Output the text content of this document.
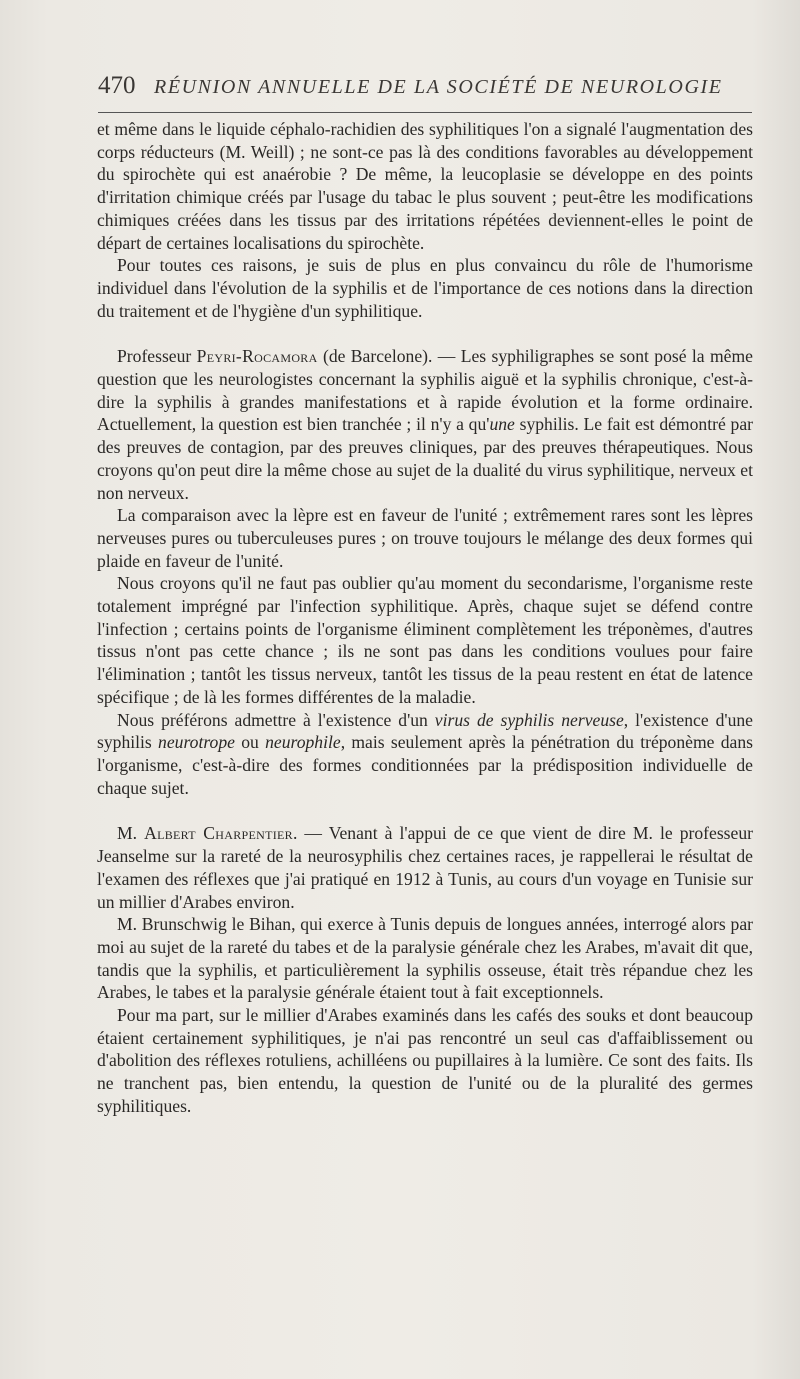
470 RÉUNION ANNUELLE DE LA SOCIÉTÉ DE NEUROLOGIE

et même dans le liquide céphalo-rachidien des syphilitiques l'on a signalé l'augmentation des corps réducteurs (M. Weill) ; ne sont-ce pas là des conditions favorables au développement du spirochète qui est anaérobie ? De même, la leucoplasie se développe en des points d'irritation chimique créés par l'usage du tabac le plus souvent ; peut-être les modifications chimiques créées dans les tissus par des irritations répétées deviennent-elles le point de départ de certaines localisations du spirochète.

Pour toutes ces raisons, je suis de plus en plus convaincu du rôle de l'humorisme individuel dans l'évolution de la syphilis et de l'importance de ces notions dans la direction du traitement et de l'hygiène d'un syphilitique.

Professeur Peyri-Rocamora (de Barcelone). — Les syphiligraphes se sont posé la même question que les neurologistes concernant la syphilis aiguë et la syphilis chronique, c'est-à-dire la syphilis à grandes manifestations et à rapide évolution et la forme ordinaire. Actuellement, la question est bien tranchée ; il n'y a qu'une syphilis. Le fait est démontré par des preuves de contagion, par des preuves cliniques, par des preuves thérapeutiques. Nous croyons qu'on peut dire la même chose au sujet de la dualité du virus syphilitique, nerveux et non nerveux.

La comparaison avec la lèpre est en faveur de l'unité ; extrêmement rares sont les lèpres nerveuses pures ou tuberculeuses pures ; on trouve toujours le mélange des deux formes qui plaide en faveur de l'unité.

Nous croyons qu'il ne faut pas oublier qu'au moment du secondarisme, l'organisme reste totalement imprégné par l'infection syphilitique. Après, chaque sujet se défend contre l'infection ; certains points de l'organisme éliminent complètement les tréponèmes, d'autres tissus n'ont pas cette chance ; ils ne sont pas dans les conditions voulues pour faire l'élimination ; tantôt les tissus nerveux, tantôt les tissus de la peau restent en état de latence spécifique ; de là les formes différentes de la maladie.

Nous préférons admettre à l'existence d'un virus de syphilis nerveuse, l'existence d'une syphilis neurotrope ou neurophile, mais seulement après la pénétration du tréponème dans l'organisme, c'est-à-dire des formes conditionnées par la prédisposition individuelle de chaque sujet.

M. Albert Charpentier. — Venant à l'appui de ce que vient de dire M. le professeur Jeanselme sur la rareté de la neurosyphilis chez certaines races, je rappellerai le résultat de l'examen des réflexes que j'ai pratiqué en 1912 à Tunis, au cours d'un voyage en Tunisie sur un millier d'Arabes environ.

M. Brunschwig le Bihan, qui exerce à Tunis depuis de longues années, interrogé alors par moi au sujet de la rareté du tabes et de la paralysie générale chez les Arabes, m'avait dit que, tandis que la syphilis, et particulièrement la syphilis osseuse, était très répandue chez les Arabes, le tabes et la paralysie générale étaient tout à fait exceptionnels.

Pour ma part, sur le millier d'Arabes examinés dans les cafés des souks et dont beaucoup étaient certainement syphilitiques, je n'ai pas rencontré un seul cas d'affaiblissement ou d'abolition des réflexes rotuliens, achilléens ou pupillaires à la lumière. Ce sont des faits. Ils ne tranchent pas, bien entendu, la question de l'unité ou de la pluralité des germes syphilitiques.
